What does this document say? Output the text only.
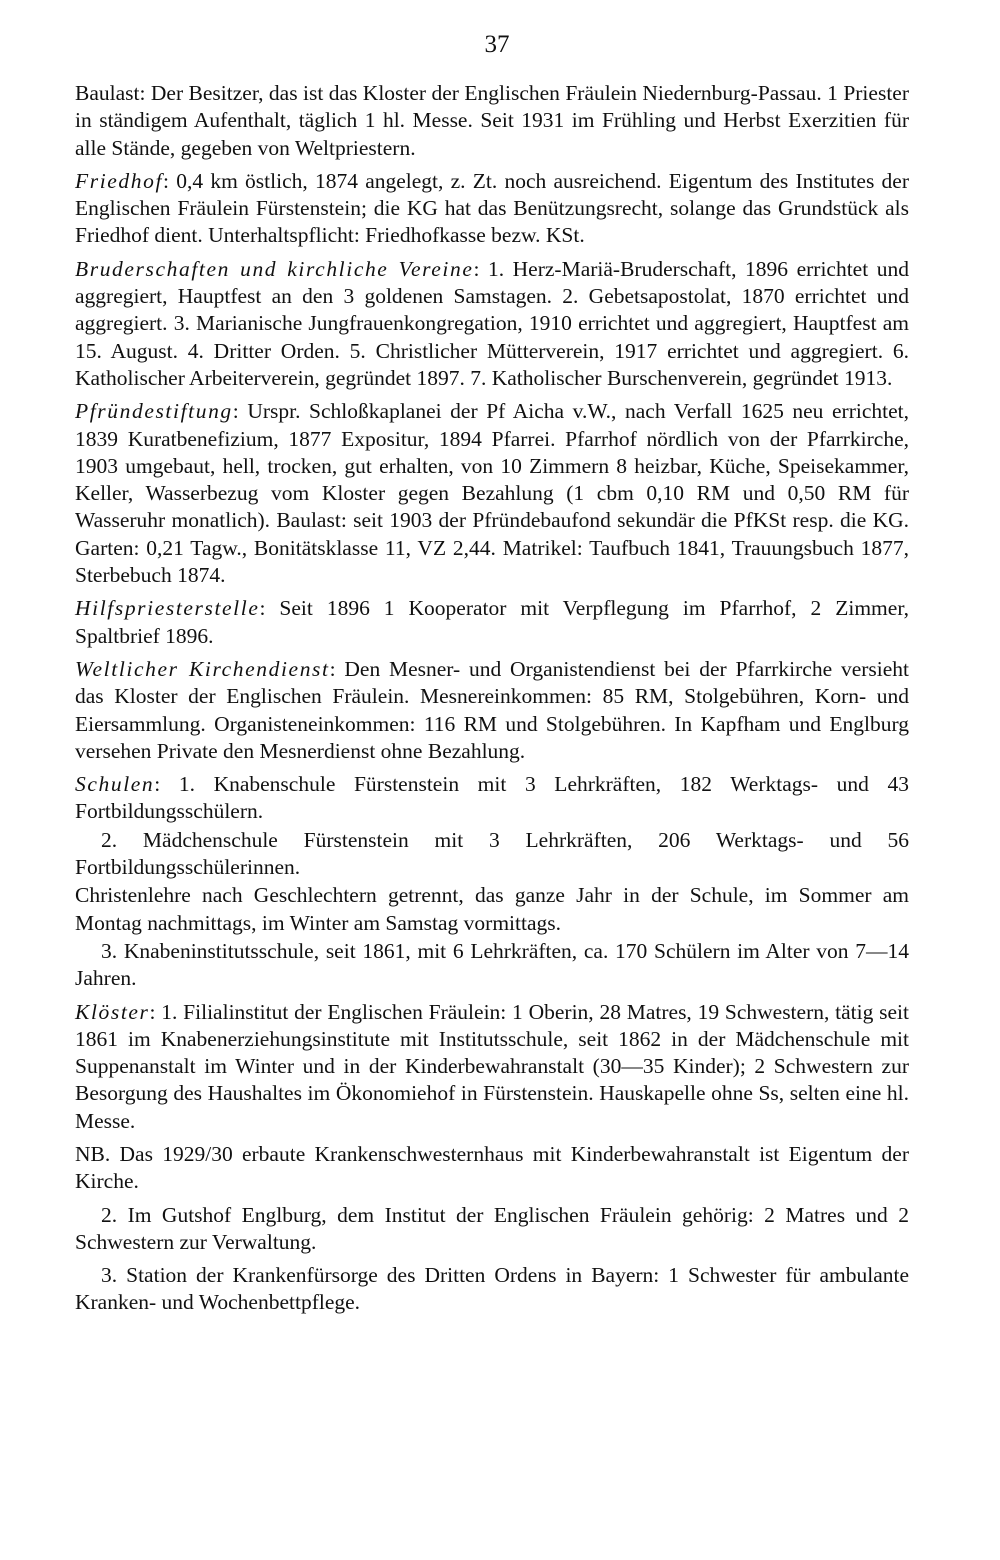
37

Baulast: Der Besitzer, das ist das Kloster der Englischen Fräulein Niedernburg-Passau. 1 Priester in ständigem Aufenthalt, täglich 1 hl. Messe. Seit 1931 im Frühling und Herbst Exerzitien für alle Stände, gegeben von Weltpriestern.

Friedhof: 0,4 km östlich, 1874 angelegt, z. Zt. noch ausreichend. Eigentum des Institutes der Englischen Fräulein Fürstenstein; die KG hat das Benützungsrecht, solange das Grundstück als Friedhof dient. Unterhaltspflicht: Friedhofkasse bezw. KSt.

Bruderschaften und kirchliche Vereine: 1. Herz-Mariä-Bruderschaft, 1896 errichtet und aggregiert, Hauptfest an den 3 goldenen Samstagen. 2. Gebetsapostolat, 1870 errichtet und aggregiert. 3. Marianische Jungfrauenkongregation, 1910 errichtet und aggregiert, Hauptfest am 15. August. 4. Dritter Orden. 5. Christlicher Mütterverein, 1917 errichtet und aggregiert. 6. Katholischer Arbeiterverein, gegründet 1897. 7. Katholischer Burschenverein, gegründet 1913.

Pfründestiftung: Urspr. Schloßkaplanei der Pf Aicha v.W., nach Verfall 1625 neu errichtet, 1839 Kuratbenefizium, 1877 Expositur, 1894 Pfarrei. Pfarrhof nördlich von der Pfarrkirche, 1903 umgebaut, hell, trocken, gut erhalten, von 10 Zimmern 8 heizbar, Küche, Speisekammer, Keller, Wasserbezug vom Kloster gegen Bezahlung (1 cbm 0,10 RM und 0,50 RM für Wasseruhr monatlich). Baulast: seit 1903 der Pfründebaufond sekundär die PfKSt resp. die KG. Garten: 0,21 Tagw., Bonitätsklasse 11, VZ 2,44. Matrikel: Taufbuch 1841, Trauungsbuch 1877, Sterbebuch 1874.

Hilfspriesterstelle: Seit 1896 1 Kooperator mit Verpflegung im Pfarrhof, 2 Zimmer, Spaltbrief 1896.

Weltlicher Kirchendienst: Den Mesner- und Organistendienst bei der Pfarrkirche versieht das Kloster der Englischen Fräulein. Mesnereinkommen: 85 RM, Stolgebühren, Korn- und Eiersammlung. Organisteneinkommen: 116 RM und Stolgebühren. In Kapfham und Englburg versehen Private den Mesnerdienst ohne Bezahlung.

Schulen: 1. Knabenschule Fürstenstein mit 3 Lehrkräften, 182 Werktags- und 43 Fortbildungsschülern.

2. Mädchenschule Fürstenstein mit 3 Lehrkräften, 206 Werktags- und 56 Fortbildungsschülerinnen.

Christenlehre nach Geschlechtern getrennt, das ganze Jahr in der Schule, im Sommer am Montag nachmittags, im Winter am Samstag vormittags.

3. Knabeninstitutsschule, seit 1861, mit 6 Lehrkräften, ca. 170 Schülern im Alter von 7—14 Jahren.

Klöster: 1. Filialinstitut der Englischen Fräulein: 1 Oberin, 28 Matres, 19 Schwestern, tätig seit 1861 im Knabenerziehungsinstitute mit Institutsschule, seit 1862 in der Mädchenschule mit Suppenanstalt im Winter und in der Kinderbewahranstalt (30—35 Kinder); 2 Schwestern zur Besorgung des Haushaltes im Ökonomiehof in Fürstenstein. Hauskapelle ohne Ss, selten eine hl. Messe.

NB. Das 1929/30 erbaute Krankenschwesternhaus mit Kinderbewahranstalt ist Eigentum der Kirche.

2. Im Gutshof Englburg, dem Institut der Englischen Fräulein gehörig: 2 Matres und 2 Schwestern zur Verwaltung.

3. Station der Krankenfürsorge des Dritten Ordens in Bayern: 1 Schwester für ambulante Kranken- und Wochenbettpflege.
